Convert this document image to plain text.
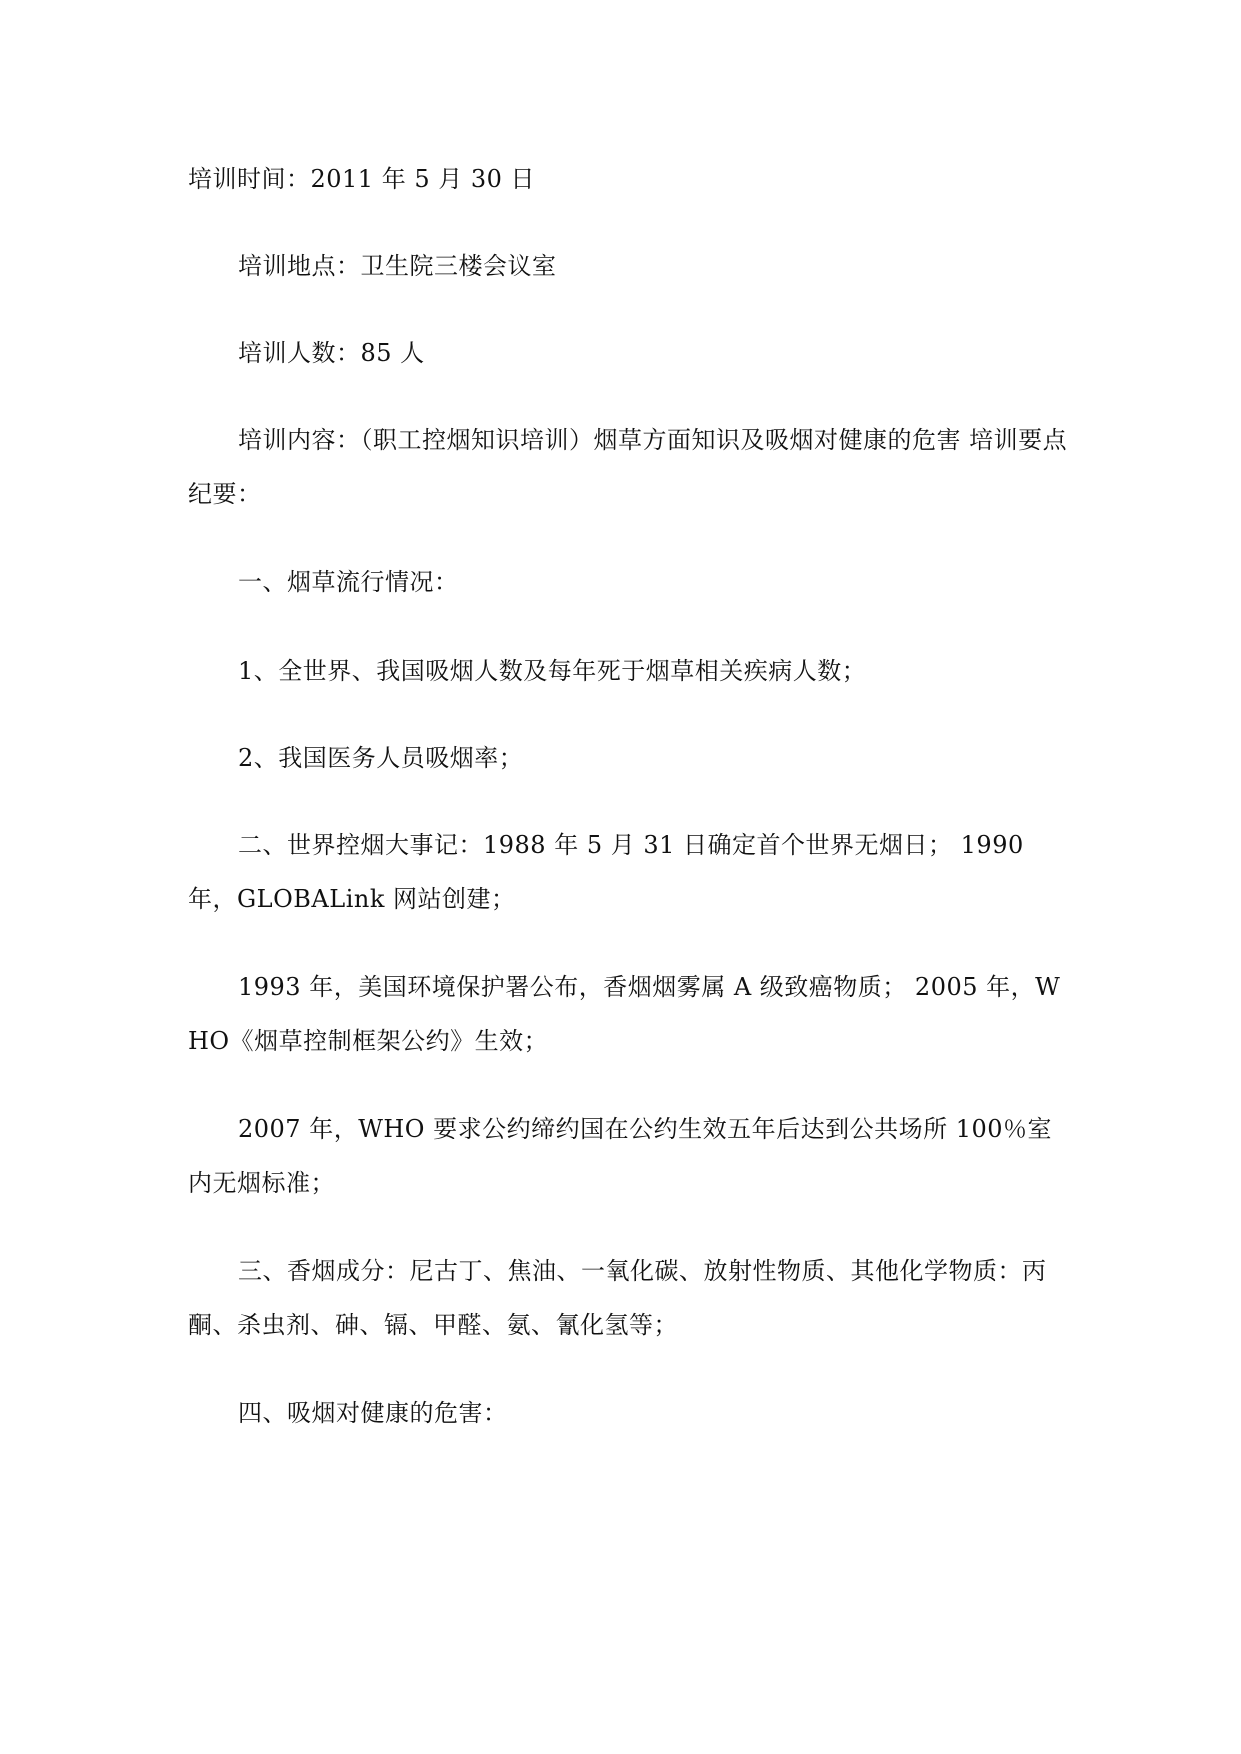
培训时间：2011 年 5 月 30 日

培训地点：卫生院三楼会议室

培训人数：85 人

培训内容：（职工控烟知识培训）烟草方面知识及吸烟对健康的危害 培训要点纪要：

一、烟草流行情况：

1、全世界、我国吸烟人数及每年死于烟草相关疾病人数；

2、我国医务人员吸烟率；

二、世界控烟大事记：1988 年 5 月 31 日确定首个世界无烟日； 1990 年，GLOBALink 网站创建；

1993 年，美国环境保护署公布，香烟烟雾属 A 级致癌物质； 2005 年，WHO《烟草控制框架公约》生效；

2007 年，WHO 要求公约缔约国在公约生效五年后达到公共场所 100％室内无烟标准；

三、香烟成分：尼古丁、焦油、一氧化碳、放射性物质、其他化学物质：丙酮、杀虫剂、砷、镉、甲醛、氨、氰化氢等；

四、吸烟对健康的危害：
